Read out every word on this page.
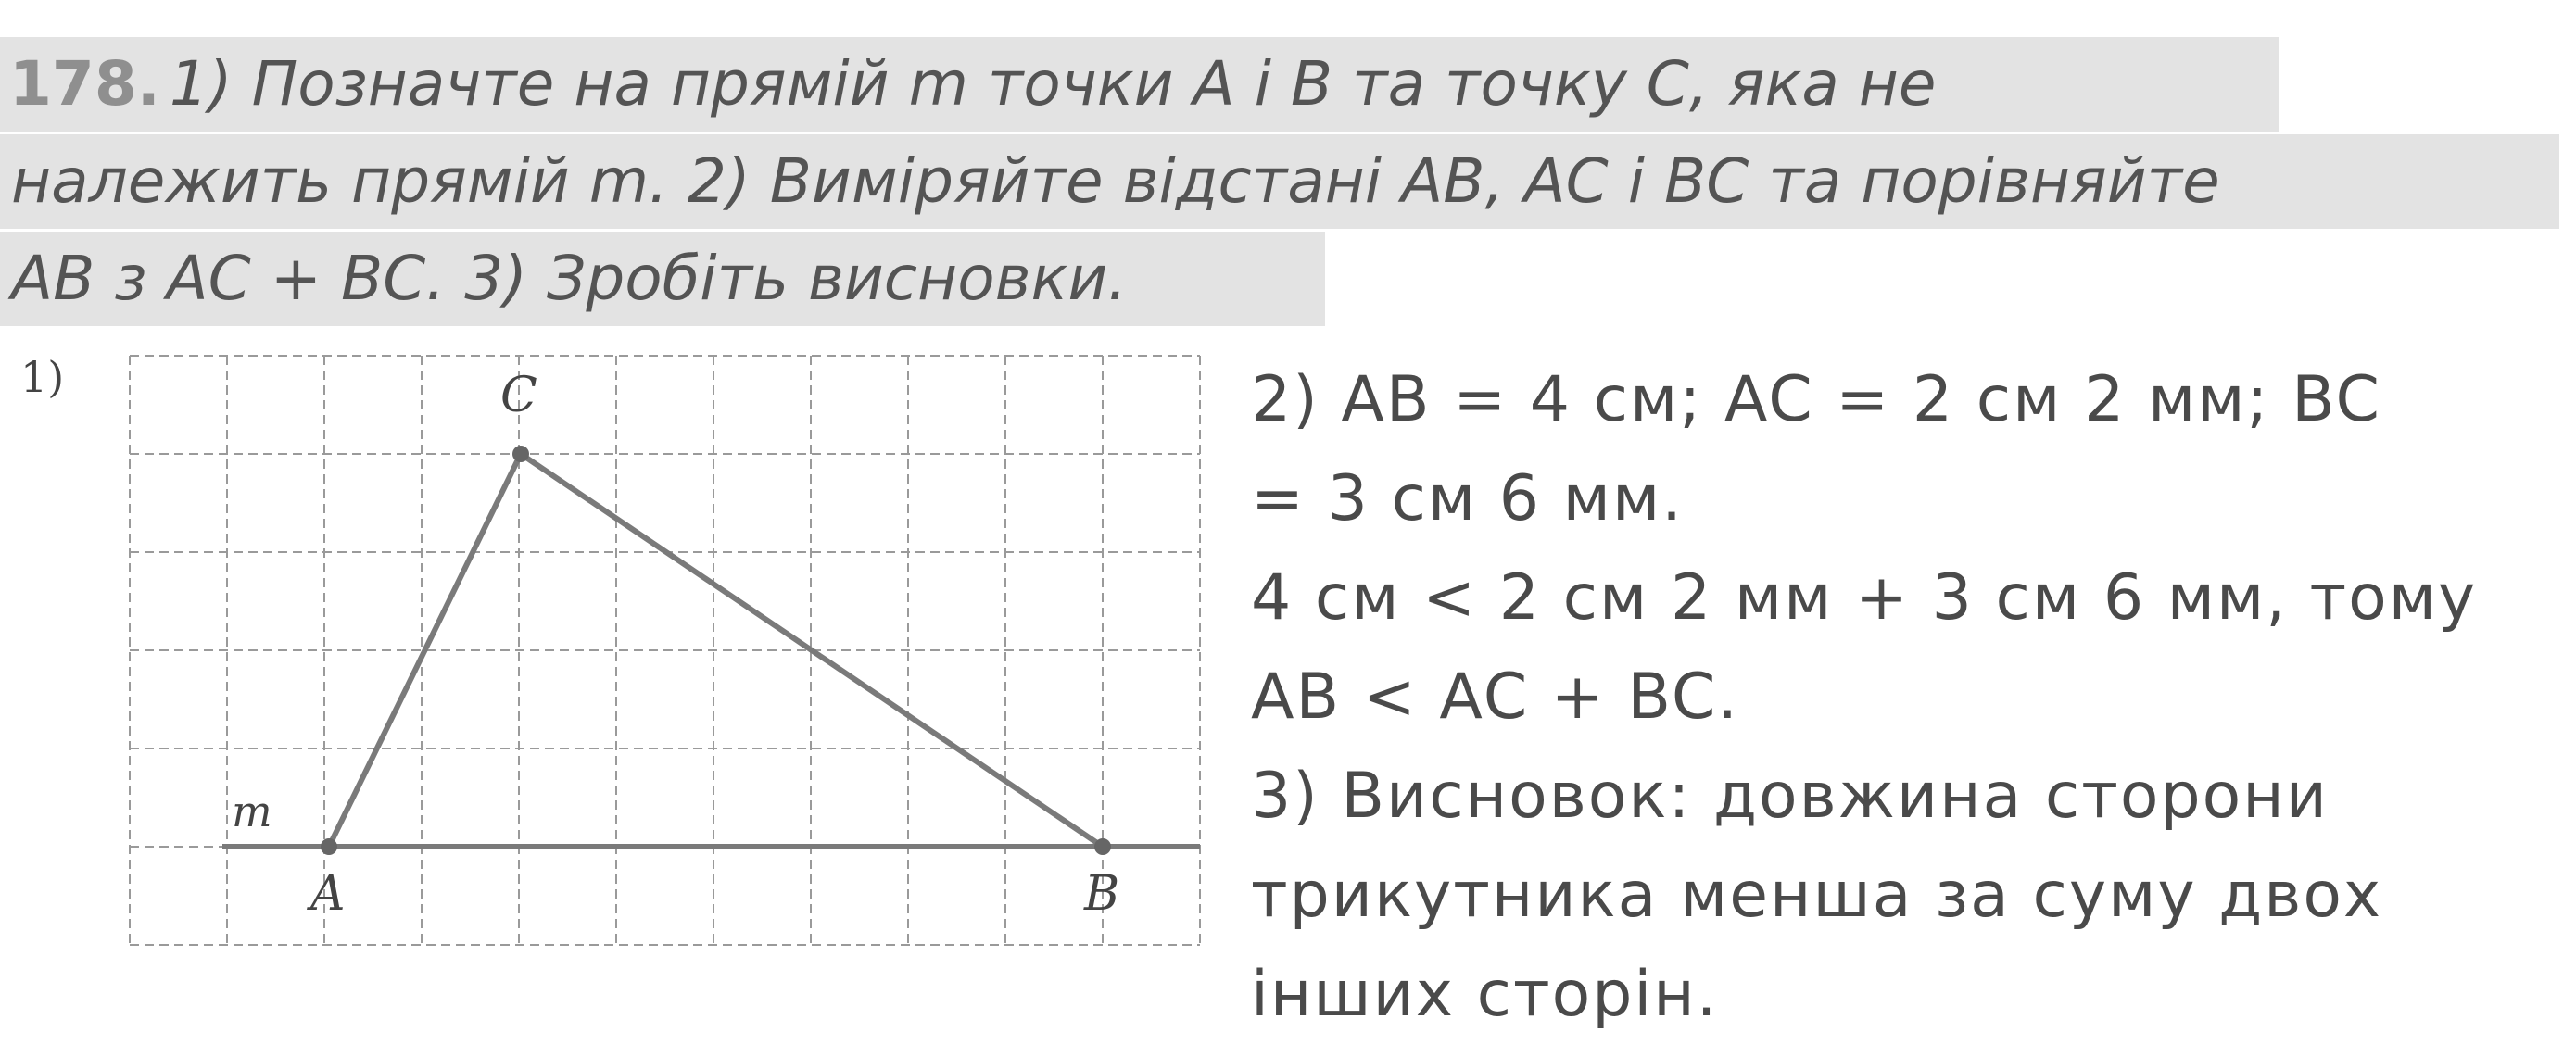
178. 1) Позначте на прямій m точки A і B та точку C, яка не
належить прямій m. 2) Виміряйте відстані AB, AC і BC та порівняйте
AB з AC + BC. 3) Зробіть висновки.
1)	C
A	B
m
2) AB = 4 см; AC = 2 см 2 мм; BC
= 3 см 6 мм.
4 см < 2 см 2 мм + 3 см 6 мм, тому
AB < AC + BC.
3) Висновок: довжина сторони
трикутника менша за суму двох
інших сторін.
